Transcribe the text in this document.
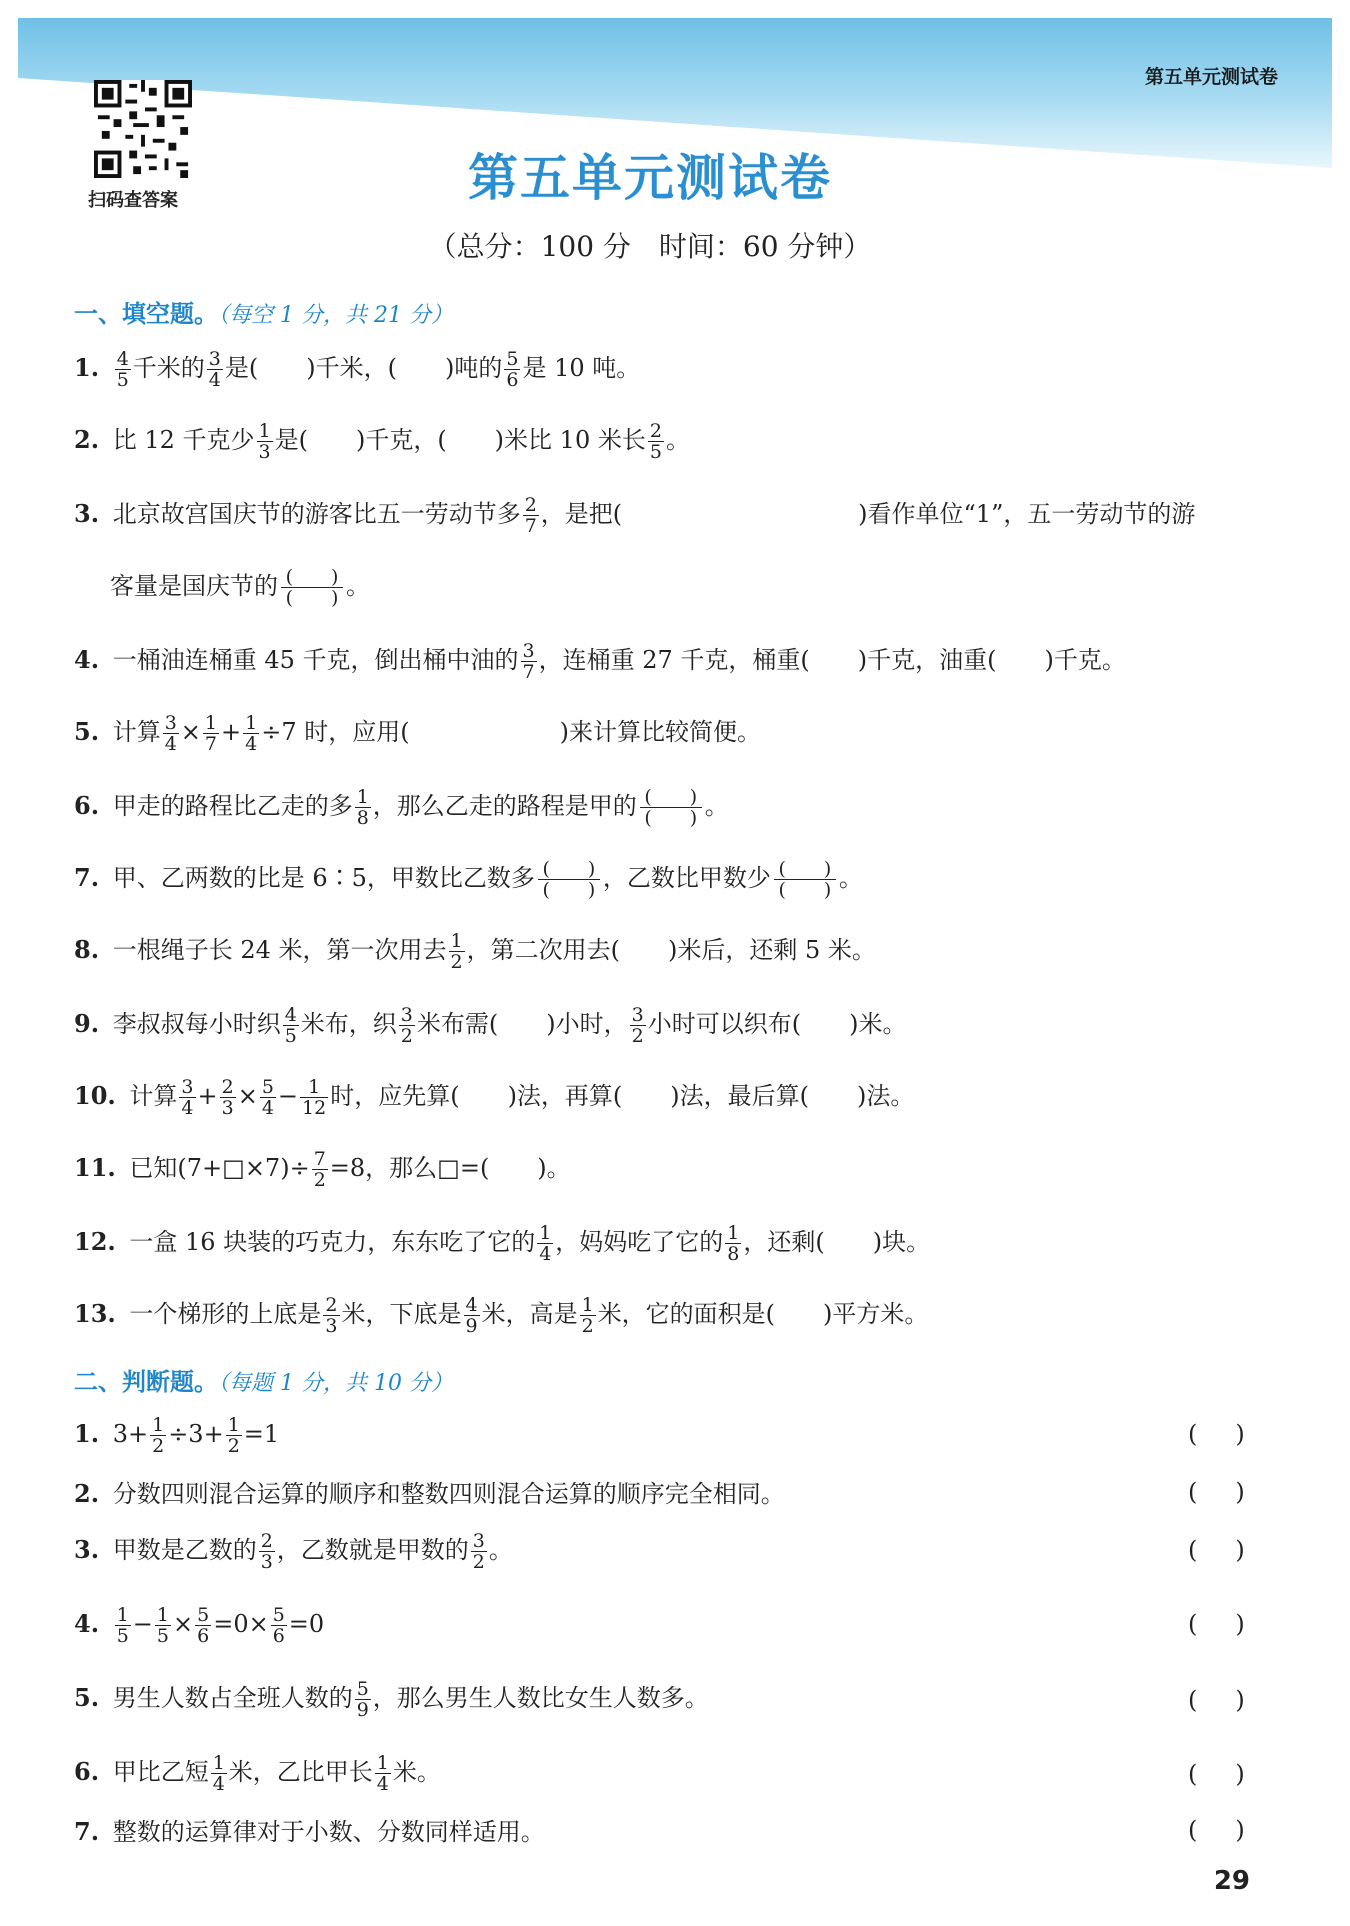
第五单元测试卷
扫码查答案	第五单元测试卷
（总分：100 分　时间：60 分钟）
一、填空题。（每空 1 分，共 21 分）
1. $\frac{4}{5}$ 千米的 $\frac{3}{4}$ 是(　　)千米，(　　)吨的 $\frac{5}{6}$ 是 10 吨。
2. 比 12 千克少 $\frac{1}{3}$ 是(　　)千克，(　　)米比 10 米长 $\frac{2}{5}$ 。
3. 北京故宫国庆节的游客比五一劳动节多 $\frac{2}{7}$ ，是把(	)看作单位“1”，五一劳动节的游
客量是国庆节的 $\frac{( )}{( )}$ 。
4. 一桶油连桶重 45 千克，倒出桶中油的 $\frac{3}{7}$ ，连桶重 27 千克，桶重(　　)千克，油重(　　)千克。
5. 计算 $\frac{3}{4} \times \frac{1}{7} + \frac{1}{4} \div 7$ 时，应用(	)来计算比较简便。
6. 甲走的路程比乙走的多 $\frac{1}{8}$ ，那么乙走的路程是甲的 $\frac{( )}{( )}$ 。
7. 甲、乙两数的比是 6∶5，甲数比乙数多 $\frac{( )}{( )}$ ，乙数比甲数少 $\frac{( )}{( )}$ 。
8. 一根绳子长 24 米，第一次用去 $\frac{1}{2}$ ，第二次用去(　　)米后，还剩 5 米。
9. 李叔叔每小时织 $\frac{4}{5}$ 米布，织 $\frac{3}{2}$ 米布需(　　)小时， $\frac{3}{2}$ 小时可以织布(　　)米。
10. 计算 $\frac{3}{4} + \frac{2}{3} \times \frac{5}{4} - \frac{1}{12}$ 时，应先算(　　)法，再算(　　)法，最后算(　　)法。
11. 已知(7+□×7)÷ $\frac{7}{2} =8$，那么□=(　　)。
12. 一盒 16 块装的巧克力，东东吃了它的 $\frac{1}{4}$ ，妈妈吃了它的 $\frac{1}{8}$ ，还剩(　　)块。
13. 一个梯形的上底是 $\frac{2}{3}$ 米，下底是 $\frac{4}{9}$ 米，高是 $\frac{1}{2}$ 米，它的面积是(　　)平方米。
二、判断题。（每题 1 分，共 10 分）
1. $3+ \frac{1}{2} \div 3+ \frac{1}{2} =1$	()
2. 分数四则混合运算的顺序和整数四则混合运算的顺序完全相同。	()
3. 甲数是乙数的 $\frac{2}{3}$ ，乙数就是甲数的 $\frac{3}{2}$ 。	()
4. $\frac{1}{5} - \frac{1}{5} \times \frac{5}{6} =0\times \frac{5}{6} =0$	()
5. 男生人数占全班人数的 $\frac{5}{9}$ ，那么男生人数比女生人数多。	()
6. 甲比乙短 $\frac{1}{4}$ 米，乙比甲长 $\frac{1}{4}$ 米。	()
7. 整数的运算律对于小数、分数同样适用。	()
29
